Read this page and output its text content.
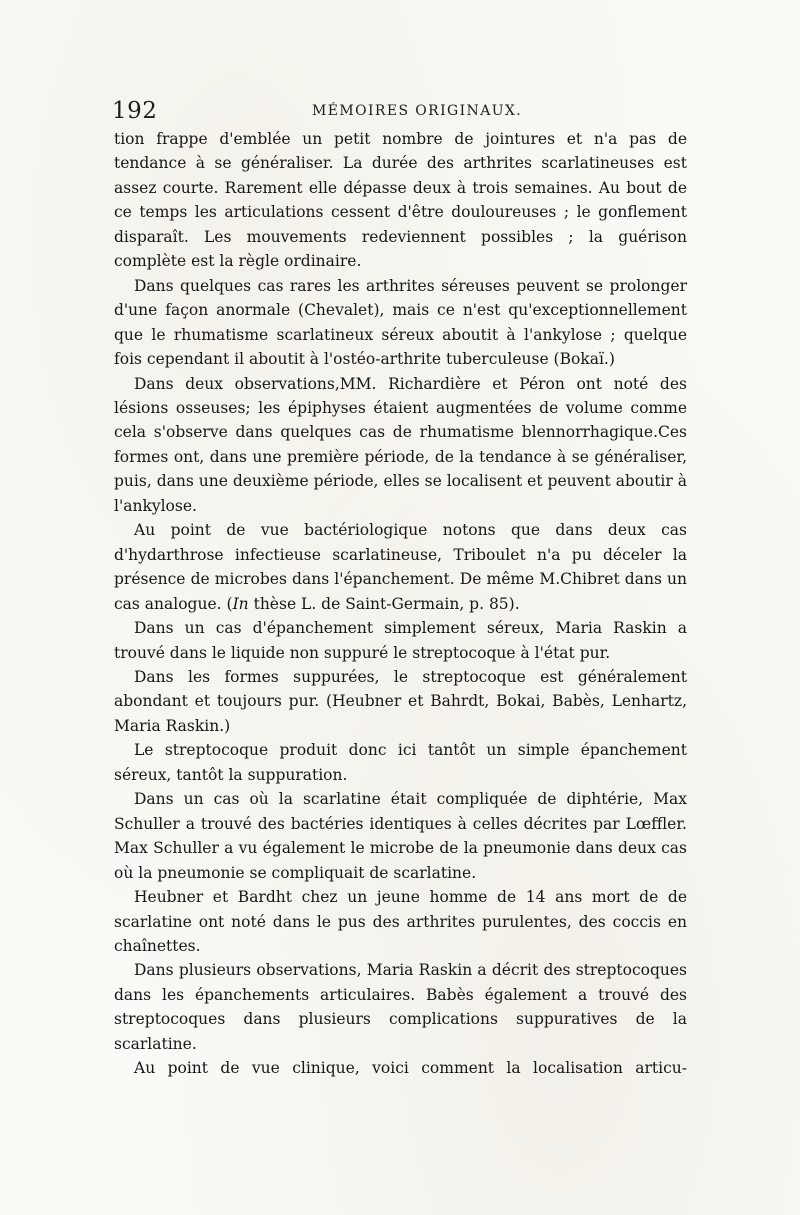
192	MÉMOIRES ORIGINAUX.

tion frappe d'emblée un petit nombre de jointures et n'a pas de tendance à se généraliser. La durée des arthrites scarlatineuses est assez courte. Rarement elle dépasse deux à trois semaines. Au bout de ce temps les articulations cessent d'être douloureuses ; le gonflement disparaît. Les mouvements redeviennent possibles ; la guérison complète est la règle ordinaire.

Dans quelques cas rares les arthrites séreuses peuvent se prolonger d'une façon anormale (Chevalet), mais ce n'est qu'exceptionnellement que le rhumatisme scarlatineux séreux aboutit à l'ankylose ; quelque fois cependant il aboutit à l'ostéo-arthrite tuberculeuse (Bokaï.)

Dans deux observations,MM. Richardière et Péron ont noté des lésions osseuses; les épiphyses étaient augmentées de volume comme cela s'observe dans quelques cas de rhumatisme blennorrhagique.Ces formes ont, dans une première période, de la tendance à se généraliser, puis, dans une deuxième période, elles se localisent et peuvent aboutir à l'ankylose.

Au point de vue bactériologique notons que dans deux cas d'hydarthrose infectieuse scarlatineuse, Triboulet n'a pu déceler la présence de microbes dans l'épanchement. De même M.Chibret dans un cas analogue. (In thèse L. de Saint-Germain, p. 85).

Dans un cas d'épanchement simplement séreux, Maria Raskin a trouvé dans le liquide non suppuré le streptocoque à l'état pur.

Dans les formes suppurées, le streptocoque est généralement abondant et toujours pur. (Heubner et Bahrdt, Bokai, Babès, Lenhartz, Maria Raskin.)

Le streptocoque produit donc ici tantôt un simple épanchement séreux, tantôt la suppuration.

Dans un cas où la scarlatine était compliquée de diphtérie, Max Schuller a trouvé des bactéries identiques à celles décrites par Lœffler. Max Schuller a vu également le microbe de la pneumonie dans deux cas où la pneumonie se compliquait de scarlatine.

Heubner et Bardht chez un jeune homme de 14 ans mort de de scarlatine ont noté dans le pus des arthrites purulentes, des coccis en chaînettes.

Dans plusieurs observations, Maria Raskin a décrit des streptocoques dans les épanchements articulaires. Babès également a trouvé des streptocoques dans plusieurs complications suppuratives de la scarlatine.

Au point de vue clinique, voici comment la localisation articu-
